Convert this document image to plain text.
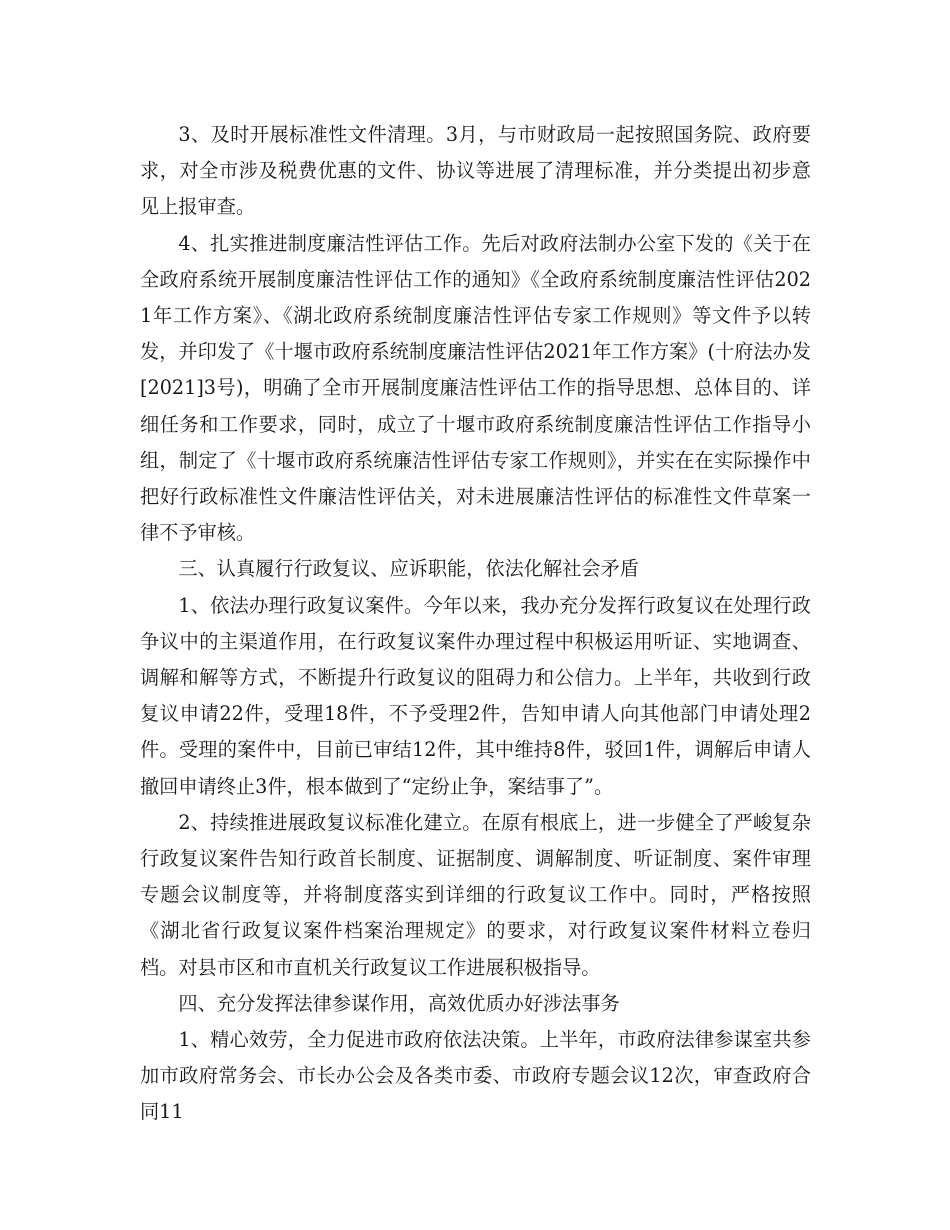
3、及时开展标准性文件清理。3月，与市财政局一起按照国务院、政府要求，对全市涉及税费优惠的文件、协议等进展了清理标准，并分类提出初步意见上报审查。

4、扎实推进制度廉洁性评估工作。先后对政府法制办公室下发的《关于在全政府系统开展制度廉洁性评估工作的通知》《全政府系统制度廉洁性评估2021年工作方案》、《湖北政府系统制度廉洁性评估专家工作规则》等文件予以转发，并印发了《十堰市政府系统制度廉洁性评估2021年工作方案》(十府法办发[2021]3号)，明确了全市开展制度廉洁性评估工作的指导思想、总体目的、详细任务和工作要求，同时，成立了十堰市政府系统制度廉洁性评估工作指导小组，制定了《十堰市政府系统廉洁性评估专家工作规则》，并实在在实际操作中把好行政标准性文件廉洁性评估关，对未进展廉洁性评估的标准性文件草案一律不予审核。

三、认真履行行政复议、应诉职能，依法化解社会矛盾

1、依法办理行政复议案件。今年以来，我办充分发挥行政复议在处理行政争议中的主渠道作用，在行政复议案件办理过程中积极运用听证、实地调查、调解和解等方式，不断提升行政复议的阻碍力和公信力。上半年，共收到行政复议申请22件，受理18件，不予受理2件，告知申请人向其他部门申请处理2件。受理的案件中，目前已审结12件，其中维持8件，驳回1件，调解后申请人撤回申请终止3件，根本做到了“定纷止争，案结事了”。

2、持续推进展政复议标准化建立。在原有根底上，进一步健全了严峻复杂行政复议案件告知行政首长制度、证据制度、调解制度、听证制度、案件审理专题会议制度等，并将制度落实到详细的行政复议工作中。同时，严格按照《湖北省行政复议案件档案治理规定》的要求，对行政复议案件材料立卷归档。对县市区和市直机关行政复议工作进展积极指导。

四、充分发挥法律参谋作用，高效优质办好涉法事务

1、精心效劳，全力促进市政府依法决策。上半年，市政府法律参谋室共参加市政府常务会、市长办公会及各类市委、市政府专题会议12次，审查政府合同11
